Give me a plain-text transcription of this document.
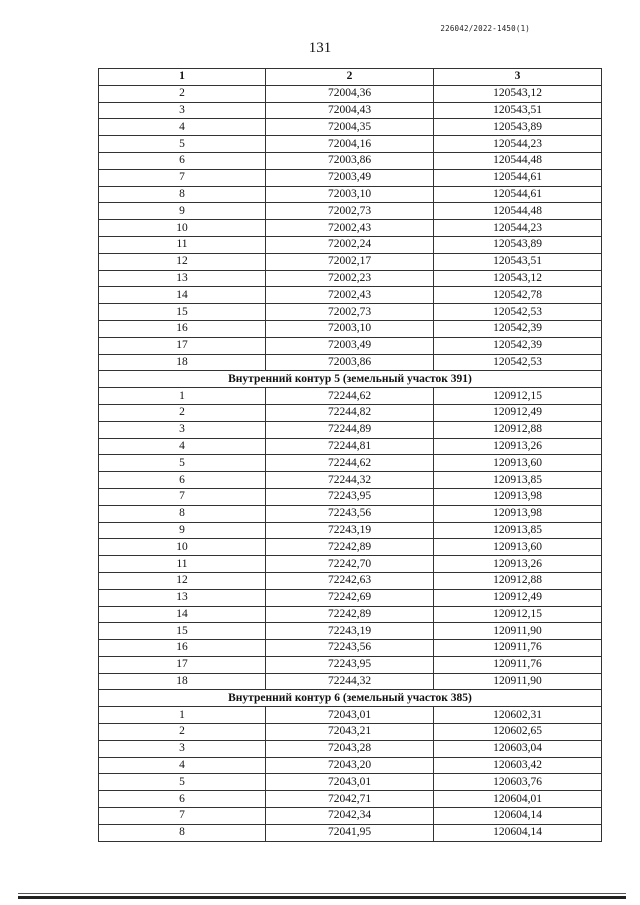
226042/2022-1450(1)
131
1	2	3
2	72004,36	120543,12
3	72004,43	120543,51
4	72004,35	120543,89
5	72004,16	120544,23
6	72003,86	120544,48
7	72003,49	120544,61
8	72003,10	120544,61
9	72002,73	120544,48
10	72002,43	120544,23
11	72002,24	120543,89
12	72002,17	120543,51
13	72002,23	120543,12
14	72002,43	120542,78
15	72002,73	120542,53
16	72003,10	120542,39
17	72003,49	120542,39
18	72003,86	120542,53
Внутренний контур 5 (земельный участок 391)		
1	72244,62	120912,15
2	72244,82	120912,49
3	72244,89	120912,88
4	72244,81	120913,26
5	72244,62	120913,60
6	72244,32	120913,85
7	72243,95	120913,98
8	72243,56	120913,98
9	72243,19	120913,85
10	72242,89	120913,60
11	72242,70	120913,26
12	72242,63	120912,88
13	72242,69	120912,49
14	72242,89	120912,15
15	72243,19	120911,90
16	72243,56	120911,76
17	72243,95	120911,76
18	72244,32	120911,90
Внутренний контур 6 (земельный участок 385)		
1	72043,01	120602,31
2	72043,21	120602,65
3	72043,28	120603,04
4	72043,20	120603,42
5	72043,01	120603,76
6	72042,71	120604,01
7	72042,34	120604,14
8	72041,95	120604,14
